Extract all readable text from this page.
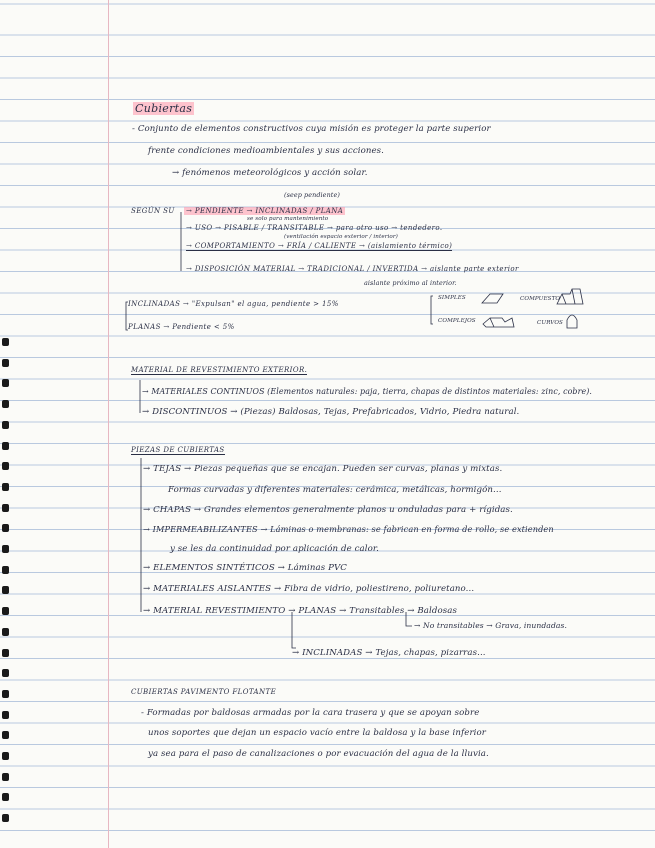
Cubiertas
- Conjunto de elementos constructivos cuya misión es proteger la parte superior
frente condiciones medioambientales y sus acciones.
→ fenómenos meteorológicos y acción solar.
(seep pendiente)
SEGÚN SU → PENDIENTE → INCLINADAS / PLANA
se solo para mantenimiento
→ USO → PISABLE / TRANSITABLE → para otro uso → tendedero.
(ventilación espacio exterior / interior)
→ COMPORTAMIENTO → FRÍA / CALIENTE → (aislamiento térmico)
→ DISPOSICIÓN MATERIAL → TRADICIONAL / INVERTIDA → aislante parte exterior
aislante próximo al interior.
INCLINADAS → "Expulsan" el agua, pendiente > 15%
PLANAS → Pendiente < 5%
SIMPLES	COMPUESTO
COMPLEJOS	CURVOS
MATERIAL DE REVESTIMIENTO EXTERIOR.
→ MATERIALES CONTINUOS (Elementos naturales: paja, tierra, chapas de distintos materiales: zinc, cobre).
→ DISCONTINUOS → (Piezas) Baldosas, Tejas, Prefabricados, Vidrio, Piedra natural.
PIEZAS DE CUBIERTAS
→ TEJAS → Piezas pequeñas que se encajan. Pueden ser curvas, planas y mixtas.
Formas curvadas y diferentes materiales: cerámica, metálicas, hormigón...
→ CHAPAS → Grandes elementos generalmente planos u onduladas para + rígidas.
→ IMPERMEABILIZANTES → Láminas o membranas: se fabrican en forma de rollo, se extienden
y se les da continuidad por aplicación de calor.
→ ELEMENTOS SINTÉTICOS → Láminas PVC
→ MATERIALES AISLANTES → Fibra de vidrio, poliestireno, poliuretano...
→ MATERIAL REVESTIMIENTO → PLANAS → Transitables → Baldosas
→ No transitables → Grava, inundadas.
→ INCLINADAS → Tejas, chapas, pizarras...
CUBIERTAS PAVIMENTO FLOTANTE
- Formadas por baldosas armadas por la cara trasera y que se apoyan sobre
unos soportes que dejan un espacio vacío entre la baldosa y la base inferior
ya sea para el paso de canalizaciones o por evacuación del agua de la lluvia.
